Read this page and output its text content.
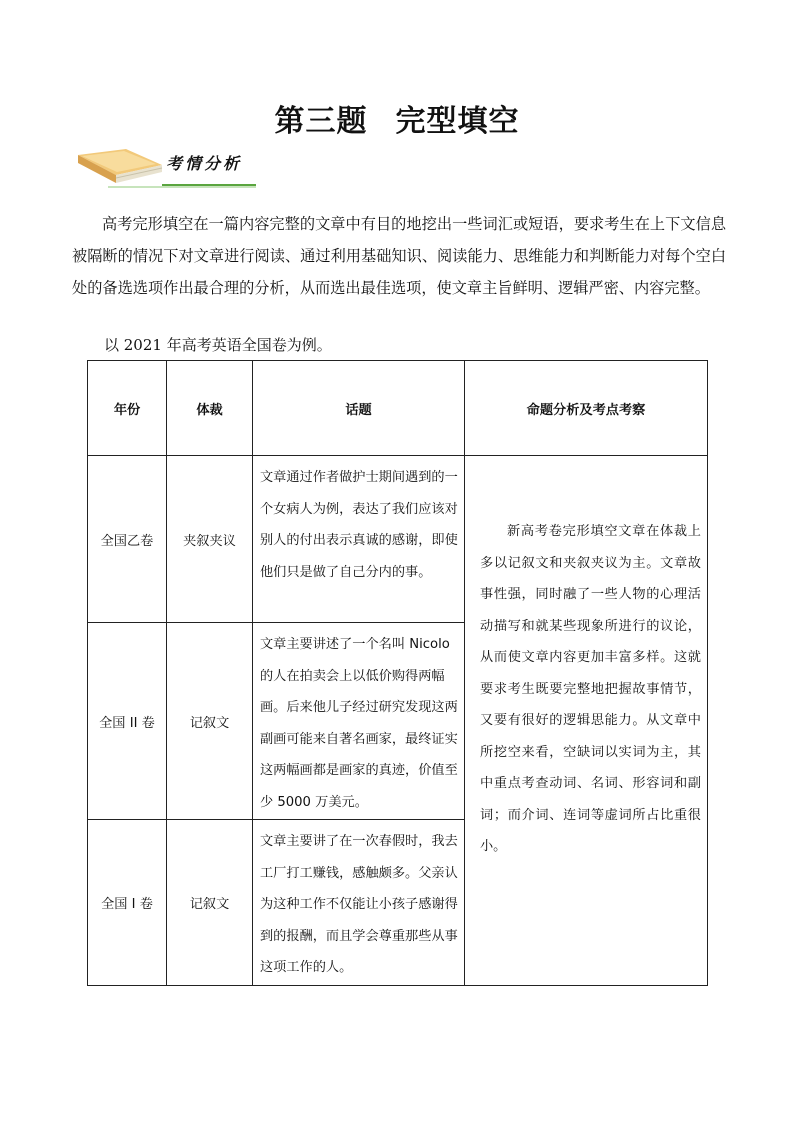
第三题 完型填空
考情分析

高考完形填空在一篇内容完整的文章中有目的地挖出一些词汇或短语，要求考生在上下文信息被隔断的情况下对文章进行阅读、通过利用基础知识、阅读能力、思维能力和判断能力对每个空白处的备选选项作出最合理的分析，从而选出最佳选项，使文章主旨鲜明、逻辑严密、内容完整。

以 2021 年高考英语全国卷为例。
年份	体裁	话题	命题分析及考点考察
全国乙卷	夹叙夹议	文章通过作者做护士期间遇到的一个女病人为例，表达了我们应该对别人的付出表示真诚的感谢，即使他们只是做了自己分内的事。	新高考卷完形填空文章在体裁上多以记叙文和夹叙夹议为主。文章故事性强，同时融了一些人物的心理活动描写和就某些现象所进行的议论，从而使文章内容更加丰富多样。这就要求考生既要完整地把握故事情节，又要有很好的逻辑思能力。从文章中所挖空来看，空缺词以实词为主，其中重点考查动词、名词、形容词和副词；而介词、连词等虚词所占比重很小。
全国 II 卷	记叙文	文章主要讲述了一个名叫 Nicolo 的人在拍卖会上以低价购得两幅画。后来他儿子经过研究发现这两副画可能来自著名画家，最终证实这两幅画都是画家的真迹，价值至少 5000 万美元。	
全国 I 卷	记叙文	文章主要讲了在一次春假时，我去工厂打工赚钱，感触颇多。父亲认为这种工作不仅能让小孩子感谢得到的报酬，而且学会尊重那些从事这项工作的人。	
